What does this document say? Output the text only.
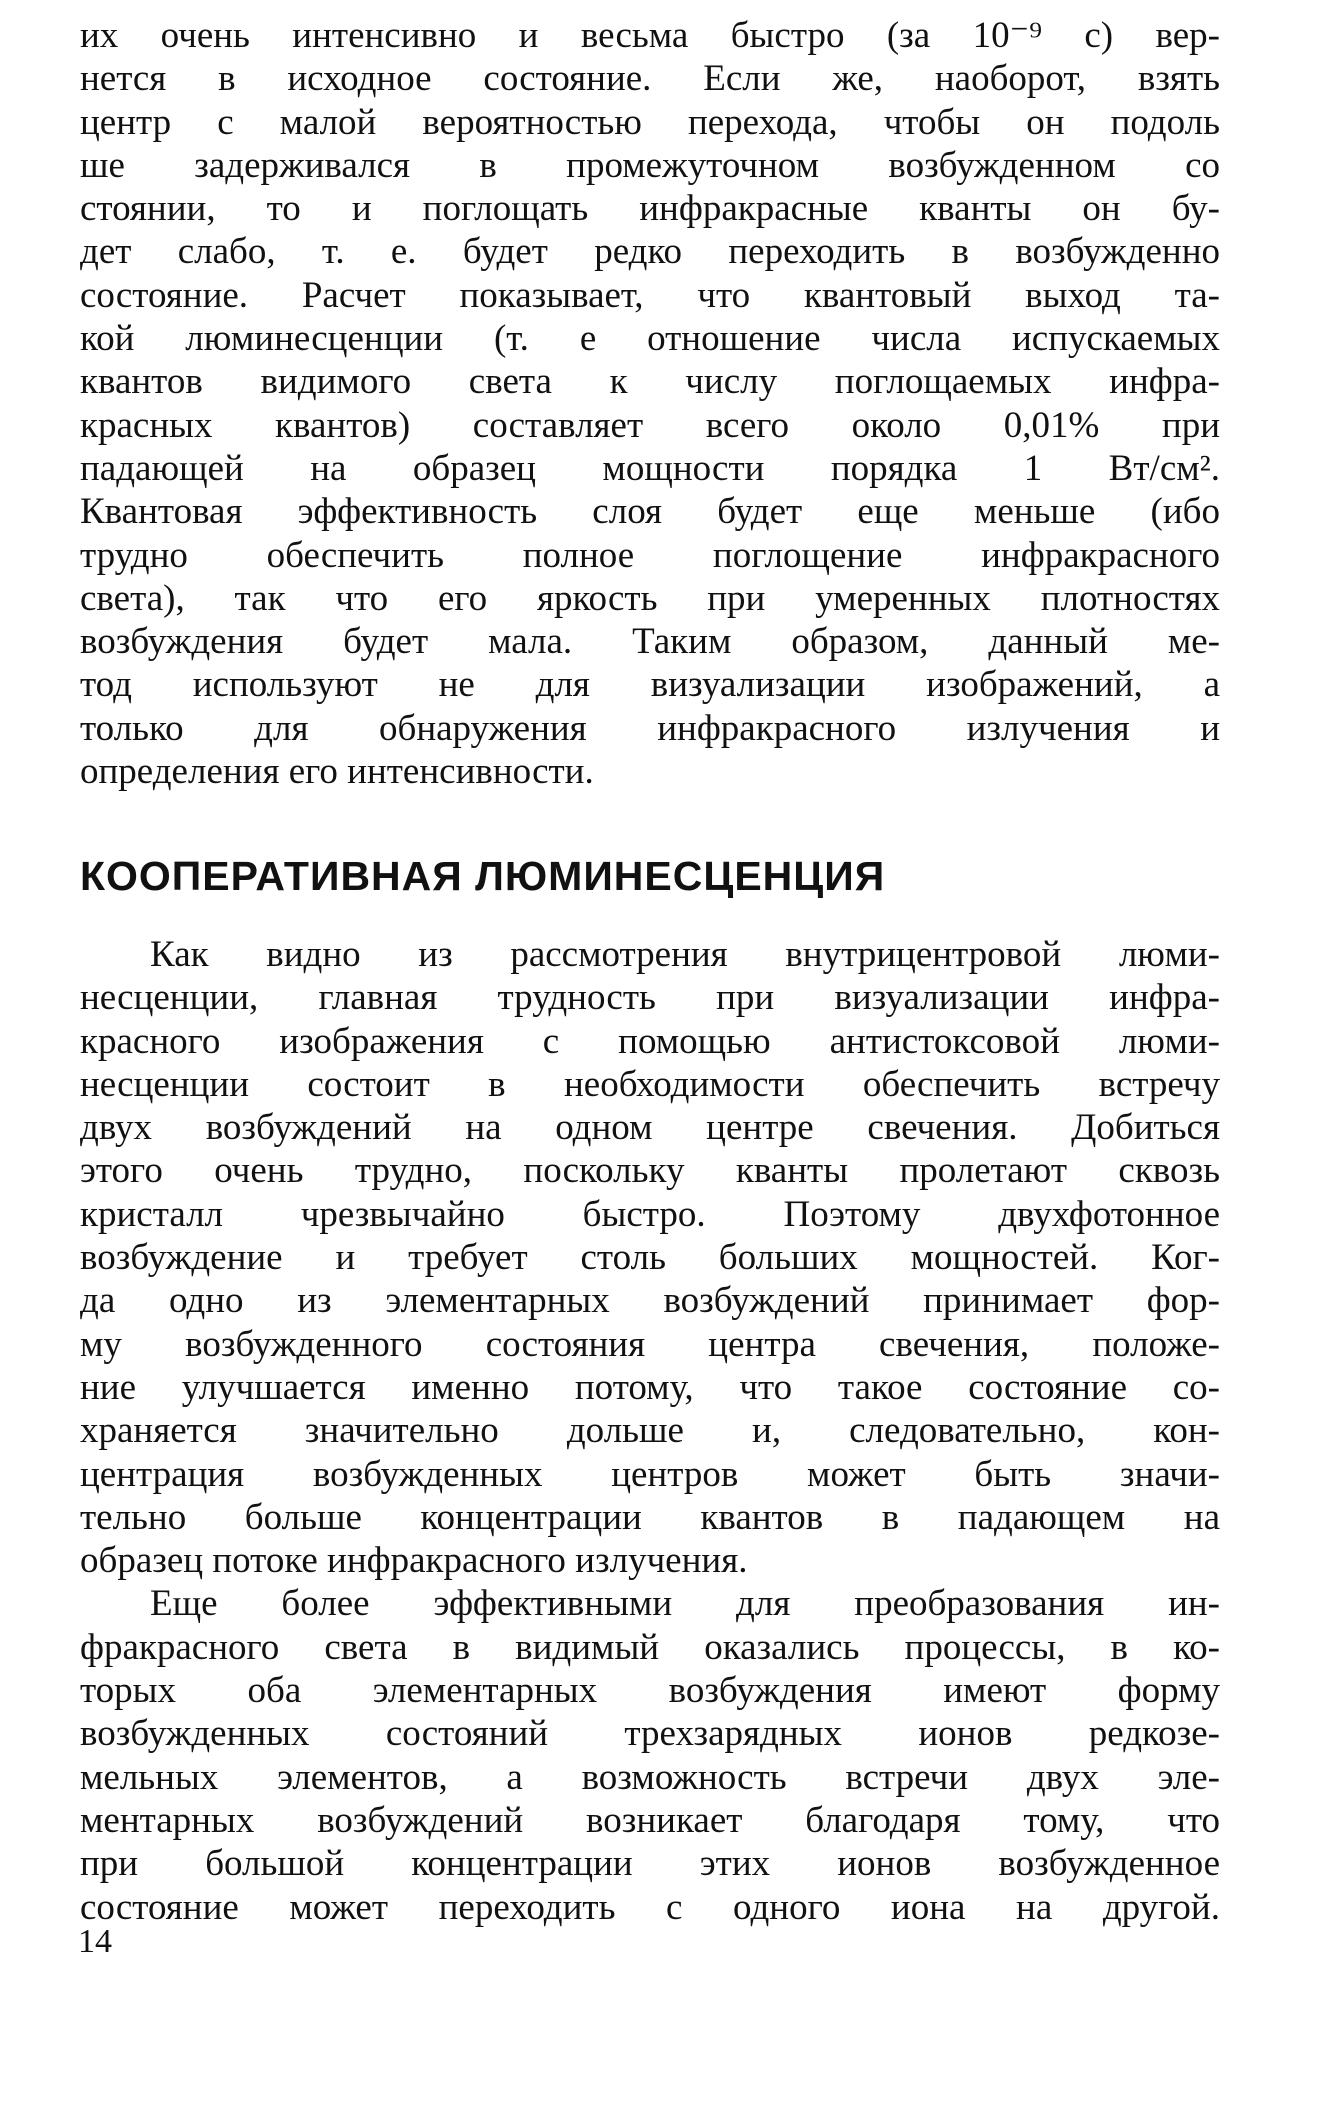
их очень интенсивно и весьма быстро (за 10⁻⁹ с) вер-
нется в исходное состояние. Если же, наоборот, взять
центр с малой вероятностью перехода, чтобы он подоль
ше задерживался в промежуточном возбужденном со
стоянии, то и поглощать инфракрасные кванты он бу-
дет слабо, т. е. будет редко переходить в возбужденно
состояние. Расчет показывает, что квантовый выход та-
кой люминесценции (т. е отношение числа испускаемых
квантов видимого света к числу поглощаемых инфра-
красных квантов) составляет всего около 0,01% при
падающей на образец мощности порядка 1 Вт/см².
Квантовая эффективность слоя будет еще меньше (ибо
трудно обеспечить полное поглощение инфракрасного
света), так что его яркость при умеренных плотностях
возбуждения будет мала. Таким образом, данный ме-
тод используют не для визуализации изображений, а
только для обнаружения инфракрасного излучения и
определения его интенсивности.
КООПЕРАТИВНАЯ ЛЮМИНЕСЦЕНЦИЯ
Как видно из рассмотрения внутрицентровой люми-
несценции, главная трудность при визуализации инфра-
красного изображения с помощью антистоксовой люми-
несценции состоит в необходимости обеспечить встречу
двух возбуждений на одном центре свечения. Добиться
этого очень трудно, поскольку кванты пролетают сквозь
кристалл чрезвычайно быстро. Поэтому двухфотонное
возбуждение и требует столь больших мощностей. Ког-
да одно из элементарных возбуждений принимает фор-
му возбужденного состояния центра свечения, положе-
ние улучшается именно потому, что такое состояние со-
храняется значительно дольше и, следовательно, кон-
центрация возбужденных центров может быть значи-
тельно больше концентрации квантов в падающем на
образец потоке инфракрасного излучения.
Еще более эффективными для преобразования ин-
фракрасного света в видимый оказались процессы, в ко-
торых оба элементарных возбуждения имеют форму
возбужденных состояний трехзарядных ионов редкозе-
мельных элементов, а возможность встречи двух эле-
ментарных возбуждений возникает благодаря тому, что
при большой концентрации этих ионов возбужденное
состояние может переходить с одного иона на другой.
14
